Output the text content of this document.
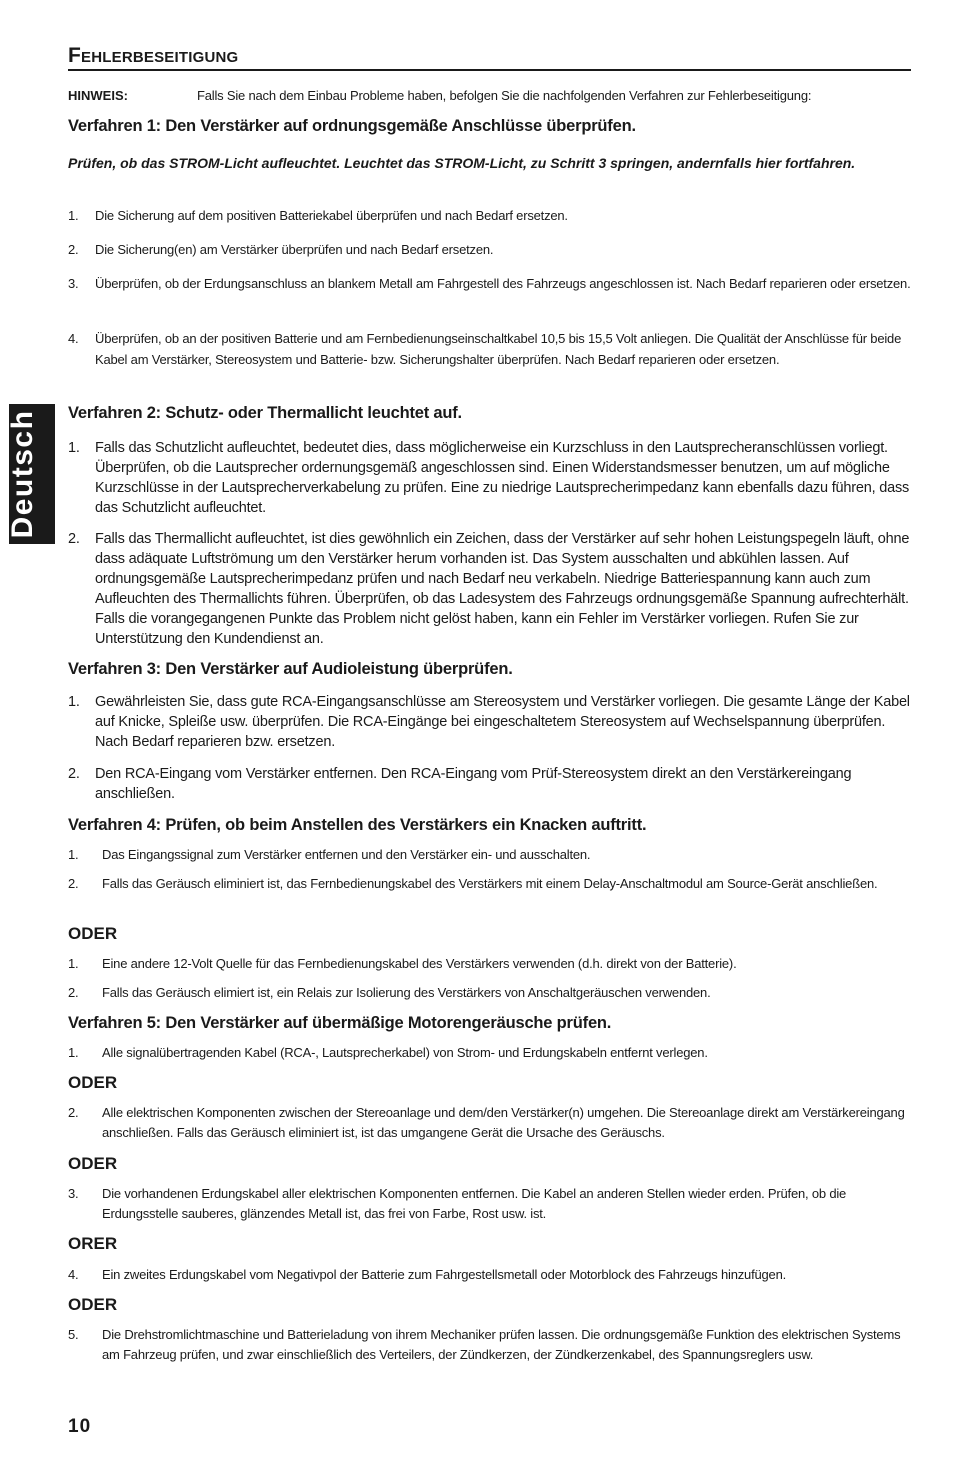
Fehlerbeseitigung
Deutsch
HINWEIS:	Falls Sie nach dem Einbau Probleme haben, befolgen Sie die nachfolgenden Verfahren zur Fehlerbeseitigung:
Verfahren 1: Den Verstärker auf ordnungsgemäße Anschlüsse überprüfen.

Prüfen, ob das STROM-Licht aufleuchtet. Leuchtet das STROM-Licht, zu Schritt 3 springen, andernfalls hier fortfahren.

1. Die Sicherung auf dem positiven Batteriekabel überprüfen und nach Bedarf ersetzen.
2. Die Sicherung(en) am Verstärker überprüfen und nach Bedarf ersetzen.
3. Überprüfen, ob der Erdungsanschluss an blankem Metall am Fahrgestell des Fahrzeugs angeschlossen ist. Nach Bedarf reparieren oder ersetzen.
4. Überprüfen, ob an der positiven Batterie und am Fernbedienungseinschaltkabel 10,5 bis 15,5 Volt anliegen. Die Qualität der Anschlüsse für beide Kabel am Verstärker, Stereosystem und Batterie- bzw. Sicherungshalter überprüfen. Nach Bedarf reparieren oder ersetzen.
Verfahren 2: Schutz- oder Thermallicht leuchtet auf.
1. Falls das Schutzlicht aufleuchtet, bedeutet dies, dass möglicherweise ein Kurzschluss in den Lautsprecheranschlüssen vorliegt. Überprüfen, ob die Lautsprecher ordernungsgemäß angeschlossen sind. Einen Widerstandsmesser benutzen, um auf mögliche Kurzschlüsse in der Lautsprecherverkabelung zu prüfen. Eine zu niedrige Lautsprecherimpedanz kann ebenfalls dazu führen, dass das Schutzlicht aufleuchtet.
2. Falls das Thermallicht aufleuchtet, ist dies gewöhnlich ein Zeichen, dass der Verstärker auf sehr hohen Leistungspegeln läuft, ohne dass adäquate Luftströmung um den Verstärker herum vorhanden ist. Das System ausschalten und abkühlen lassen. Auf ordnungsgemäße Lautsprecherimpedanz prüfen und nach Bedarf neu verkabeln. Niedrige Batteriespannung kann auch zum Aufleuchten des Thermallichts führen. Überprüfen, ob das Ladesystem des Fahrzeugs ordnungsgemäße Spannung aufrechterhält. Falls die vorangegangenen Punkte das Problem nicht gelöst haben, kann ein Fehler im Verstärker vorliegen. Rufen Sie zur Unterstützung den Kundendienst an.
Verfahren 3: Den Verstärker auf Audioleistung überprüfen.
1. Gewährleisten Sie, dass gute RCA-Eingangsanschlüsse am Stereosystem und Verstärker vorliegen. Die gesamte Länge der Kabel auf Knicke, Spleiße usw. überprüfen. Die RCA-Eingänge bei eingeschaltetem Stereosystem auf Wechselspannung überprüfen. Nach Bedarf reparieren bzw. ersetzen.
2. Den RCA-Eingang vom Verstärker entfernen. Den RCA-Eingang vom Prüf-Stereosystem direkt an den Verstärkereingang anschließen.
Verfahren 4: Prüfen, ob beim Anstellen des Verstärkers ein Knacken auftritt.
1. Das Eingangssignal zum Verstärker entfernen und den Verstärker ein- und ausschalten.
2. Falls das Geräusch eliminiert ist, das Fernbedienungskabel des Verstärkers mit einem Delay-Anschaltmodul am Source-Gerät anschließen.

ODER

1. Eine andere 12-Volt Quelle für das Fernbedienungskabel des Verstärkers verwenden (d.h. direkt von der Batterie).
2. Falls das Geräusch elimiert ist, ein Relais zur Isolierung des Verstärkers von Anschaltgeräuschen verwenden.
Verfahren 5: Den Verstärker auf übermäßige Motorengeräusche prüfen.
1. Alle signalübertragenden Kabel (RCA-, Lautsprecherkabel) von Strom- und Erdungskabeln entfernt verlegen.

ODER

2. Alle elektrischen Komponenten zwischen der Stereoanlage und dem/den Verstärker(n) umgehen. Die Stereoanlage direkt am Verstärkereingang anschließen. Falls das Geräusch eliminiert ist, ist das umgangene Gerät die Ursache des Geräuschs.

ODER

3. Die vorhandenen Erdungskabel aller elektrischen Komponenten entfernen. Die Kabel an anderen Stellen wieder erden. Prüfen, ob die Erdungsstelle sauberes, glänzendes Metall ist, das frei von Farbe, Rost usw. ist.

ORER

4. Ein zweites Erdungskabel vom Negativpol der Batterie zum Fahrgestellsmetall oder Motorblock des Fahrzeugs hinzufügen.

ODER

5. Die Drehstromlichtmaschine und Batterieladung von ihrem Mechaniker prüfen lassen. Die ordnungsgemäße Funktion des elektrischen Systems am Fahrzeug prüfen, und zwar einschließlich des Verteilers, der Zündkerzen, der Zündkerzenkabel, des Spannungsreglers usw.
10
